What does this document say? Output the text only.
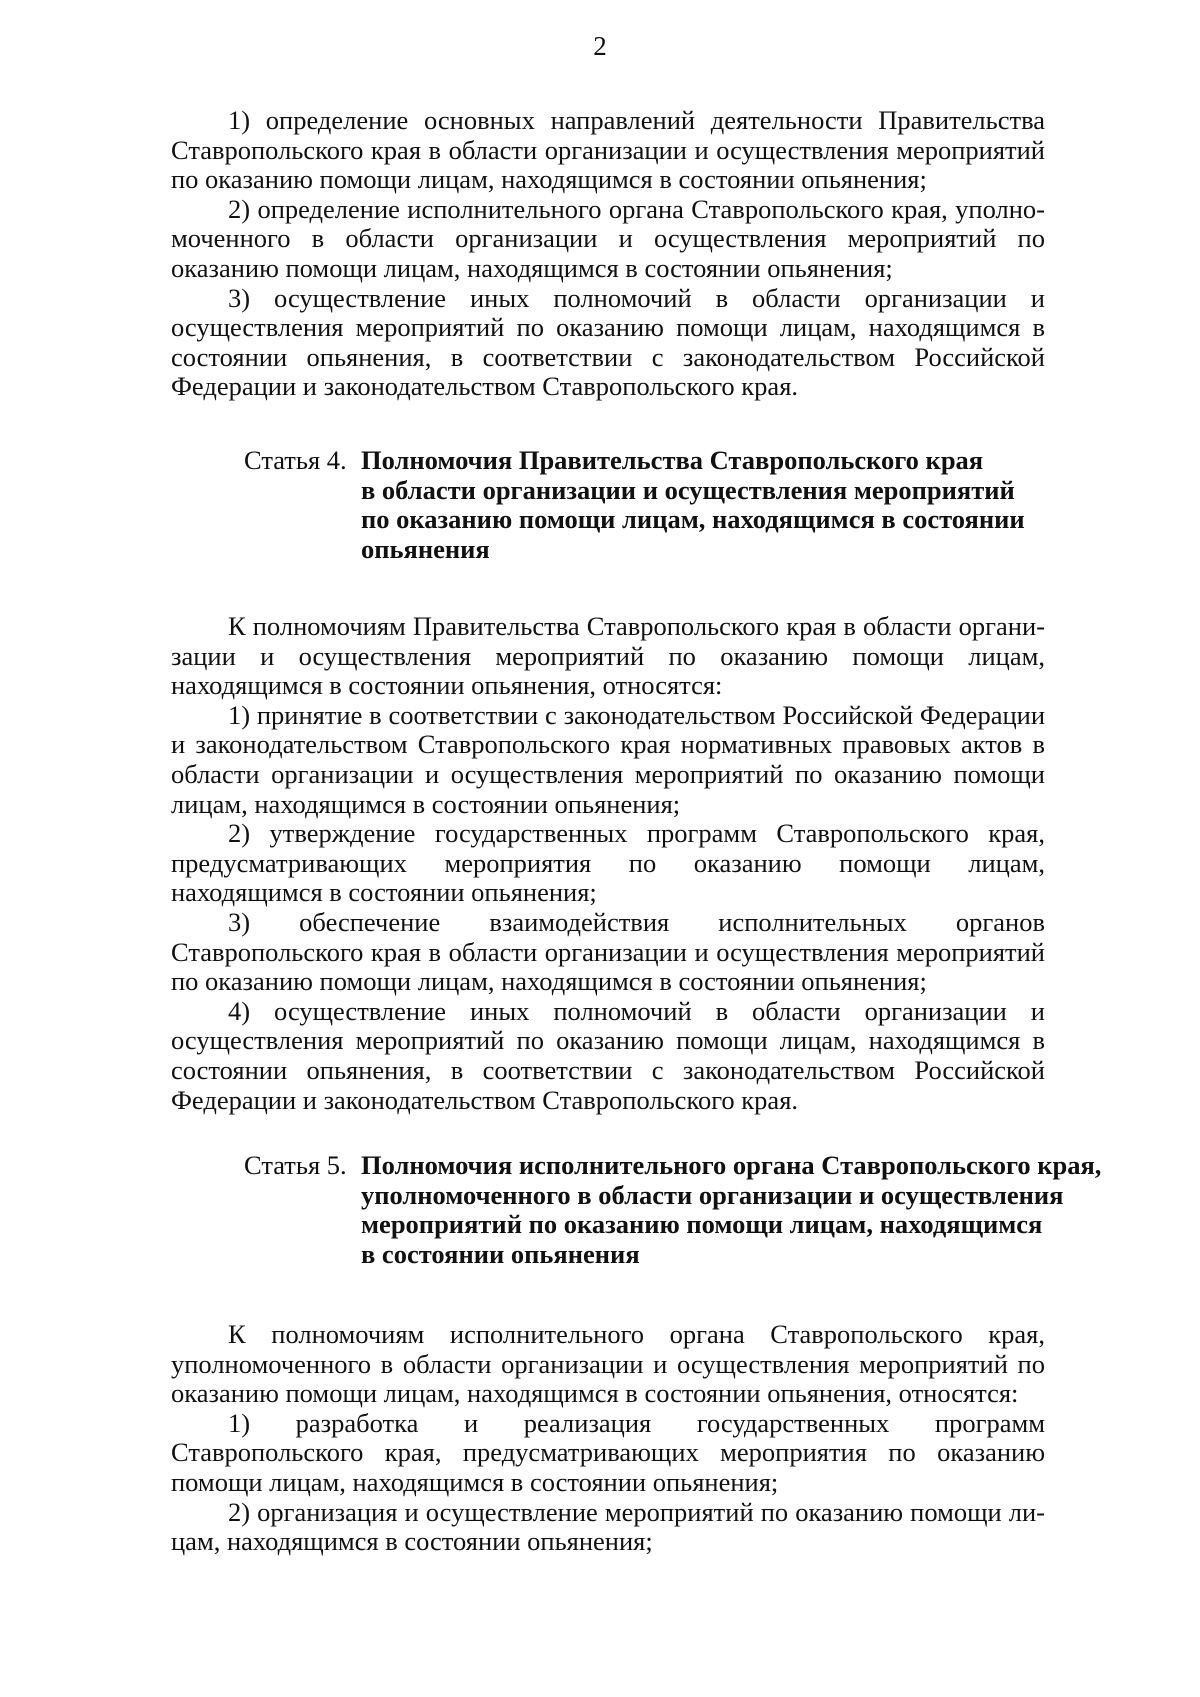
2

1) определение основных направлений деятельности Правительства Ставропольского края в области организации и осуществления мероприятий по оказанию помощи лицам, находящимся в состоянии опьянения;

2) определение исполнительного органа Ставропольского края, уполномоченного в области организации и осуществления мероприятий по оказанию помощи лицам, находящимся в состоянии опьянения;

3) осуществление иных полномочий в области организации и осуществления мероприятий по оказанию помощи лицам, находящимся в состоянии опьянения, в соответствии с законодательством Российской Федерации и законодательством Ставропольского края.

Статья 4. Полномочия Правительства Ставропольского края
в области организации и осуществления мероприятий
по оказанию помощи лицам, находящимся в состоянии
опьянения

К полномочиям Правительства Ставропольского края в области организации и осуществления мероприятий по оказанию помощи лицам, находящимся в состоянии опьянения, относятся:

1) принятие в соответствии с законодательством Российской Федерации и законодательством Ставропольского края нормативных правовых актов в области организации и осуществления мероприятий по оказанию помощи лицам, находящимся в состоянии опьянения;

2) утверждение государственных программ Ставропольского края, предусматривающих мероприятия по оказанию помощи лицам, находящимся в состоянии опьянения;

3) обеспечение взаимодействия исполнительных органов Ставропольского края в области организации и осуществления мероприятий по оказанию помощи лицам, находящимся в состоянии опьянения;

4) осуществление иных полномочий в области организации и осуществления мероприятий по оказанию помощи лицам, находящимся в состоянии опьянения, в соответствии с законодательством Российской Федерации и законодательством Ставропольского края.

Статья 5. Полномочия исполнительного органа Ставропольского края,
уполномоченного в области организации и осуществления
мероприятий по оказанию помощи лицам, находящимся
в состоянии опьянения

К полномочиям исполнительного органа Ставропольского края, уполномоченного в области организации и осуществления мероприятий по оказанию помощи лицам, находящимся в состоянии опьянения, относятся:

1) разработка и реализация государственных программ Ставропольского края, предусматривающих мероприятия по оказанию помощи лицам, находящимся в состоянии опьянения;

2) организация и осуществление мероприятий по оказанию помощи лицам, находящимся в состоянии опьянения;
